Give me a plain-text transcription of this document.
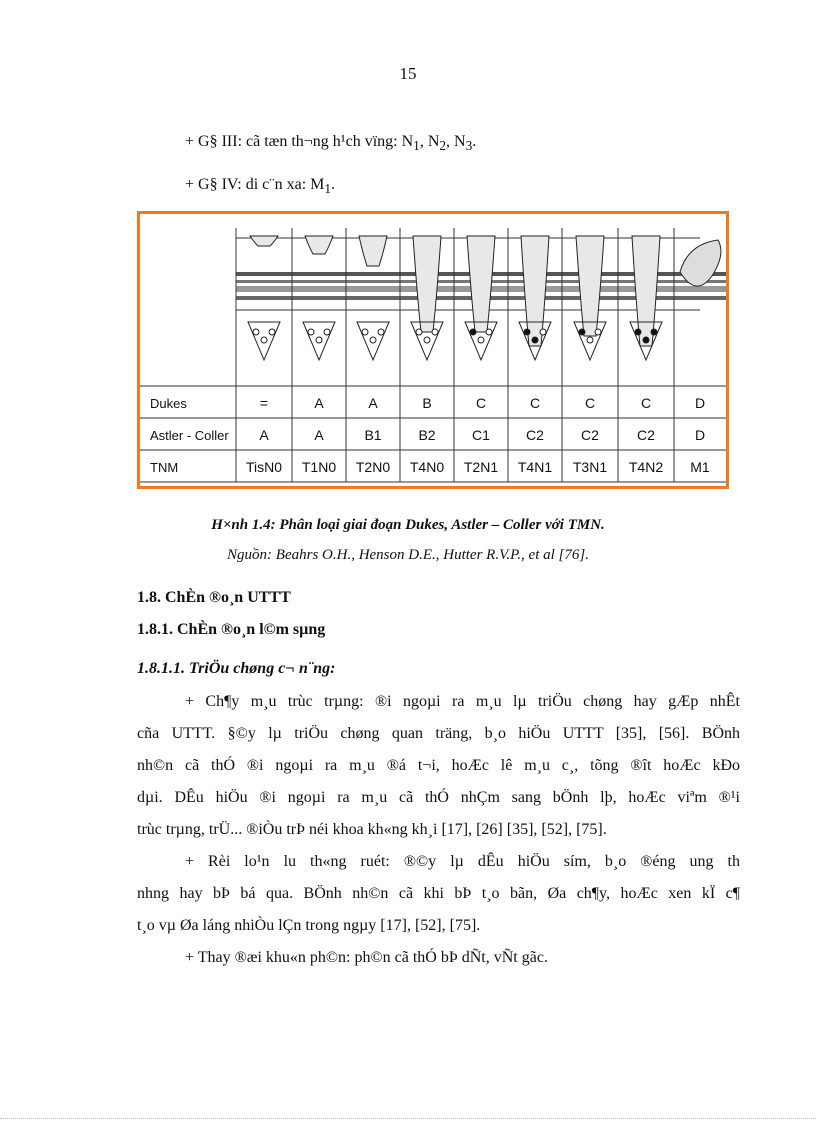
15
+ G§ III: cã tæn th¬ng h¹ch vïng: $N_1$, $N_2$, $N_3$.
+ G§ IV: di c¨n xa: $M_1$.
Dukes	=	A	A	B	C	C	C	C	D
Astler - Coller A	A	B1	B2	C1	C2	C2	C2	D
TNM	TisN0 T1N0 T2N0 T4N0 T2N1 T4N1 T3N1 T4N2 M1
H×nh 1.4: Phân loại giai đoạn Dukes, Astler – Coller với TMN.
Nguồn: Beahrs O.H., Henson D.E., Hutter R.V.P., et al [76].
1.8. ChÈn ®o¸n UTTT
1.8.1. ChÈn ®o¸n l©m sµng
1.8.1.1. TriÖu chøng c¬ n¨ng:
+ Ch¶y m¸u trùc trµng: ®i ngoµi ra m¸u lµ triÖu chøng hay gÆp nhÊt
cña UTTT. §©y lµ triÖu chøng quan träng, b¸o hiÖu UTTT [35], [56]. BÖnh
nh©n cã thÓ ®i ngoµi ra m¸u ®á t¬i, hoÆc lê m¸u c¸, tõng ®ît hoÆc kÐo
dµi. DÊu hiÖu ®i ngoµi ra m¸u cã thÓ nhÇm sang bÖnh lþ, hoÆc viªm ®¹i
trùc trµng, trÜ... ®iÒu trÞ néi khoa kh«ng kh¸i [17], [26] [35], [52], [75].
+ Rèi lo¹n lu th«ng ruét: ®©y lµ dÊu hiÖu sím, b¸o ®éng ung th
nhng hay bÞ bá qua. BÖnh nh©n cã khi bÞ t¸o bãn, Øa ch¶y, hoÆc xen kÏ c¶
t¸o vµ Øa láng nhiÒu lÇn trong ngµy [17], [52], [75].
+ Thay ®æi khu«n ph©n: ph©n cã thÓ bÞ dÑt, vÑt gãc.
